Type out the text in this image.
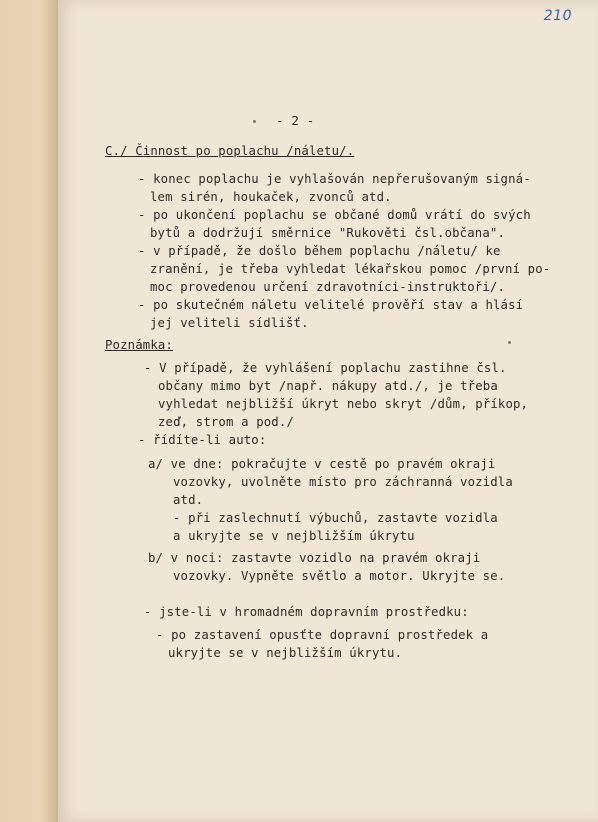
210
- 2 -
C./ Činnost po poplachu /náletu/.
- konec poplachu je vyhlašován nepřerušovaným signá-
lem sirén, houkaček, zvonců atd.
- po ukončení poplachu se občané domů vrátí do svých
bytů a dodržují směrnice "Rukověti čsl.občana".
- v případě, že došlo během poplachu /náletu/ ke
zranění, je třeba vyhledat lékařskou pomoc /první po-
moc provedenou určení zdravotníci-instruktoři/.
- po skutečném náletu velitelé prověří stav a hlásí
jej veliteli sídlišť.
Poznámka:
- V případě, že vyhlášení poplachu zastihne čsl.
občany mimo byt /např. nákupy atd./, je třeba
vyhledat nejbližší úkryt nebo skryt /dům, příkop,
zeď, strom a pod./
- řídíte-li auto:
a/ ve dne: pokračujte v cestě po pravém okraji
vozovky, uvolněte místo pro záchranná vozidla
atd.
- při zaslechnutí výbuchů, zastavte vozidla
a ukryjte se v nejbližším úkrytu
b/ v noci: zastavte vozidlo na pravém okraji
vozovky. Vypněte světlo a motor. Ukryjte se.
- jste-li v hromadném dopravním prostředku:
- po zastavení opusťte dopravní prostředek a
ukryjte se v nejbližším úkrytu.
